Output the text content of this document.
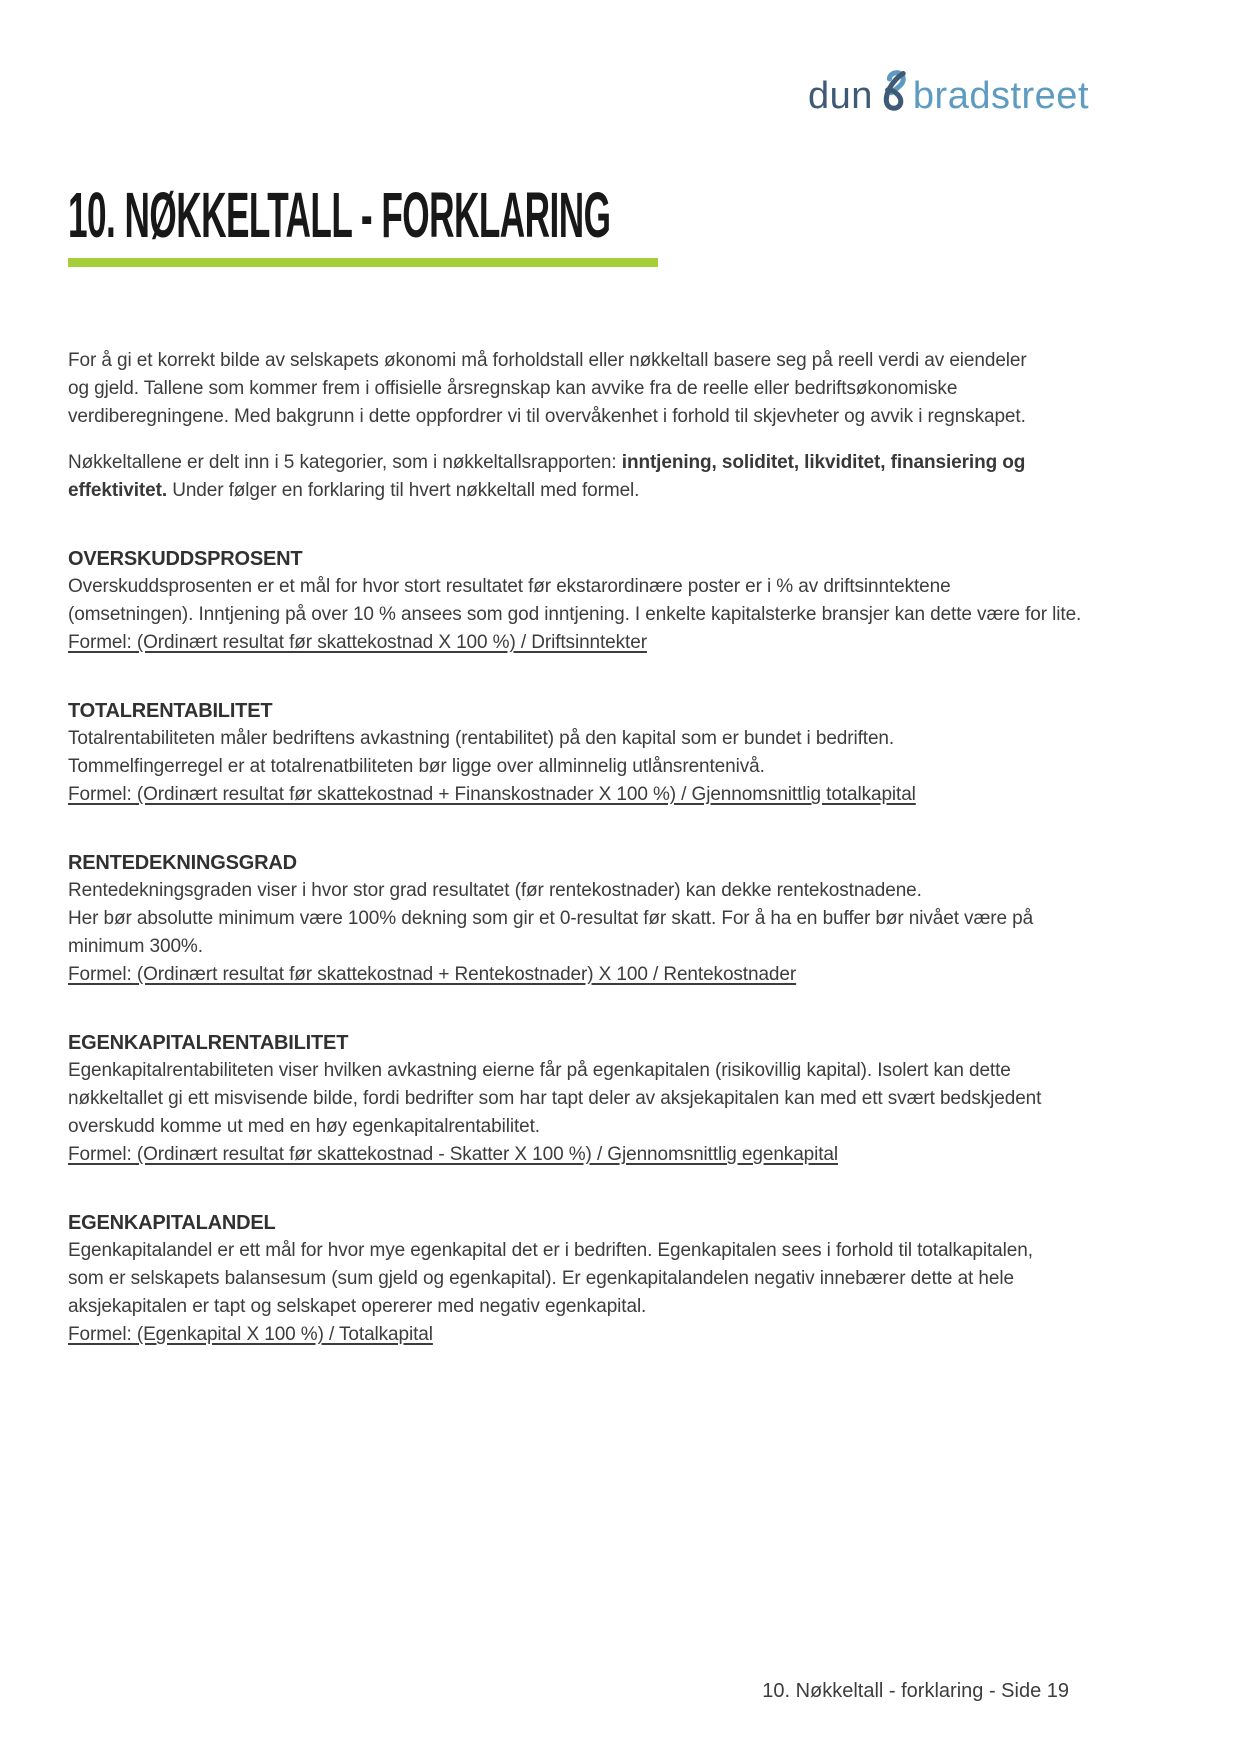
dun bradstreet
10. NØKKELTALL - FORKLARING
For å gi et korrekt bilde av selskapets økonomi må forholdstall eller nøkkeltall basere seg på reell verdi av eiendeler
og gjeld. Tallene som kommer frem i offisielle årsregnskap kan avvike fra de reelle eller bedriftsøkonomiske
verdiberegningene. Med bakgrunn i dette oppfordrer vi til overvåkenhet i forhold til skjevheter og avvik i regnskapet.

Nøkkeltallene er delt inn i 5 kategorier, som i nøkkeltallsrapporten: inntjening, soliditet, likviditet, finansiering og effektivitet. Under følger en forklaring til hvert nøkkeltall med formel.

OVERSKUDDSPROSENT
Overskuddsprosenten er et mål for hvor stort resultatet før ekstarordinære poster er i % av driftsinntektene
(omsetningen). Inntjening på over 10 % ansees som god inntjening. I enkelte kapitalsterke bransjer kan dette være for lite.
Formel: (Ordinært resultat før skattekostnad X 100 %) / Driftsinntekter
TOTALRENTABILITET
Totalrentabiliteten måler bedriftens avkastning (rentabilitet) på den kapital som er bundet i bedriften.
Tommelfingerregel er at totalrenatbiliteten bør ligge over allminnelig utlånsrentenivå.
Formel: (Ordinært resultat før skattekostnad + Finanskostnader X 100 %) / Gjennomsnittlig totalkapital
RENTEDEKNINGSGRAD
Rentedekningsgraden viser i hvor stor grad resultatet (før rentekostnader) kan dekke rentekostnadene.
Her bør absolutte minimum være 100% dekning som gir et 0-resultat før skatt. For å ha en buffer bør nivået være på
minimum 300%.
Formel: (Ordinært resultat før skattekostnad + Rentekostnader) X 100 / Rentekostnader
EGENKAPITALRENTABILITET
Egenkapitalrentabiliteten viser hvilken avkastning eierne får på egenkapitalen (risikovillig kapital). Isolert kan dette
nøkkeltallet gi ett misvisende bilde, fordi bedrifter som har tapt deler av aksjekapitalen kan med ett svært bedskjedent
overskudd komme ut med en høy egenkapitalrentabilitet.
Formel: (Ordinært resultat før skattekostnad - Skatter X 100 %) / Gjennomsnittlig egenkapital
EGENKAPITALANDEL
Egenkapitalandel er ett mål for hvor mye egenkapital det er i bedriften. Egenkapitalen sees i forhold til totalkapitalen,
som er selskapets balansesum (sum gjeld og egenkapital). Er egenkapitalandelen negativ innebærer dette at hele
aksjekapitalen er tapt og selskapet opererer med negativ egenkapital.
Formel: (Egenkapital X 100 %) / Totalkapital
10. Nøkkeltall - forklaring - Side 19
